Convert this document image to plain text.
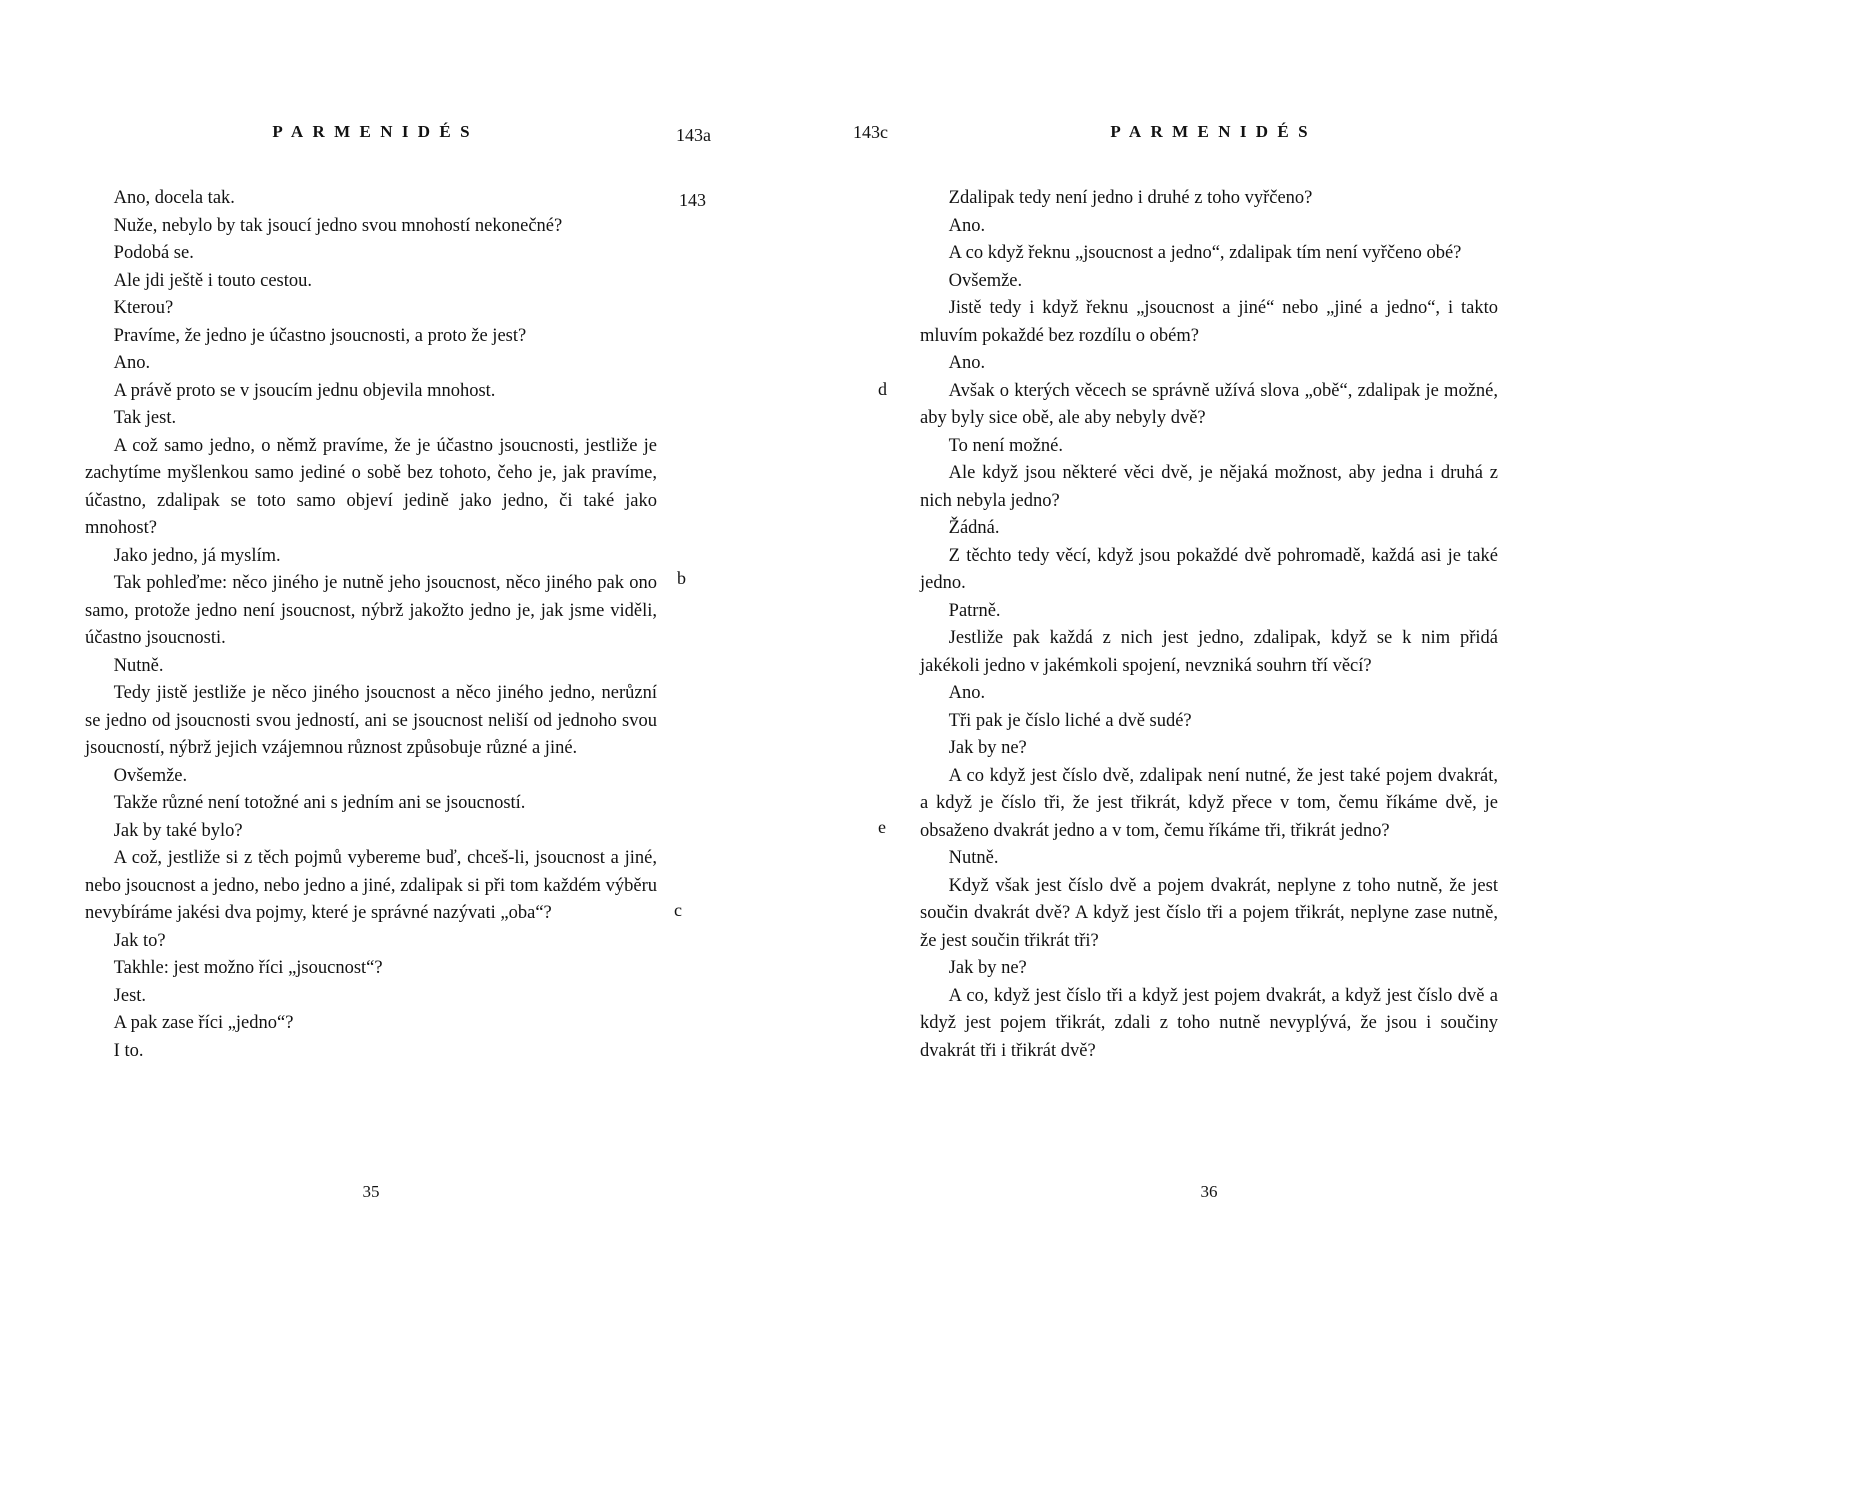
PARMENIDÉS

Ano, docela tak.

Nuže, nebylo by tak jsoucí jedno svou mnohostí nekonečné?

Podobá se.

Ale jdi ještě i touto cestou.

Kterou?

Pravíme, že jedno je účastno jsoucnosti, a proto že jest?

Ano.

A právě proto se v jsoucím jednu objevila mnohost.

Tak jest.

A což samo jedno, o němž pravíme, že je účastno jsoucnosti, jestliže je zachytíme myšlenkou samo jediné o sobě bez tohoto, čeho je, jak pravíme, účastno, zdalipak se toto samo objeví jedině jako jedno, či také jako mnohost?

Jako jedno, já myslím.

Tak pohleďme: něco jiného je nutně jeho jsoucnost, něco jiného pak ono samo, protože jedno není jsoucnost, nýbrž jakožto jedno je, jak jsme viděli, účastno jsoucnosti.

Nutně.

Tedy jistě jestliže je něco jiného jsoucnost a něco jiného jedno, nerůzní se jedno od jsoucnosti svou jedností, ani se jsoucnost neliší od jednoho svou jsoucností, nýbrž jejich vzájemnou různost způsobuje různé a jiné.

Ovšemže.

Takže různé není totožné ani s jedním ani se jsoucností.

Jak by také bylo?

A což, jestliže si z těch pojmů vybereme buď, chceš-li, jsoucnost a jiné, nebo jsoucnost a jedno, nebo jedno a jiné, zdalipak si při tom každém výběru nevybíráme jakési dva pojmy, které je správné nazývati „oba“?

Jak to?

Takhle: jest možno říci „jsoucnost“?

Jest.

A pak zase říci „jedno“?

I to.

35
PARMENIDÉS

Zdalipak tedy není jedno i druhé z toho vyřčeno?

Ano.

A co když řeknu „jsoucnost a jedno“, zdalipak tím není vyřčeno obé?

Ovšemže.

Jistě tedy i když řeknu „jsoucnost a jiné“ nebo „jiné a jedno“, i takto mluvím pokaždé bez rozdílu o obém?

Ano.

Avšak o kterých věcech se správně užívá slova „obě“, zdalipak je možné, aby byly sice obě, ale aby nebyly dvě?

To není možné.

Ale když jsou některé věci dvě, je nějaká možnost, aby jedna i druhá z nich nebyla jedno?

Žádná.

Z těchto tedy věcí, když jsou pokaždé dvě pohromadě, každá asi je také jedno.

Patrně.

Jestliže pak každá z nich jest jedno, zdalipak, když se k nim přidá jakékoli jedno v jakémkoli spojení, nevzniká souhrn tří věcí?

Ano.

Tři pak je číslo liché a dvě sudé?

Jak by ne?

A co když jest číslo dvě, zdalipak není nutné, že jest také pojem dvakrát, a když je číslo tři, že jest třikrát, když přece v tom, čemu říkáme dvě, je obsaženo dvakrát jedno a v tom, čemu říkáme tři, třikrát jedno?

Nutně.

Když však jest číslo dvě a pojem dvakrát, neplyne z toho nutně, že jest součin dvakrát dvě? A když jest číslo tři a pojem třikrát, neplyne zase nutně, že jest součin třikrát tři?

Jak by ne?

A co, když jest číslo tři a když jest pojem dvakrát, a když jest číslo dvě a když jest pojem třikrát, zdali z toho nutně nevyplývá, že jsou i součiny dvakrát tři i třikrát dvě?

36
143a
143
b
c
143c
d
e
